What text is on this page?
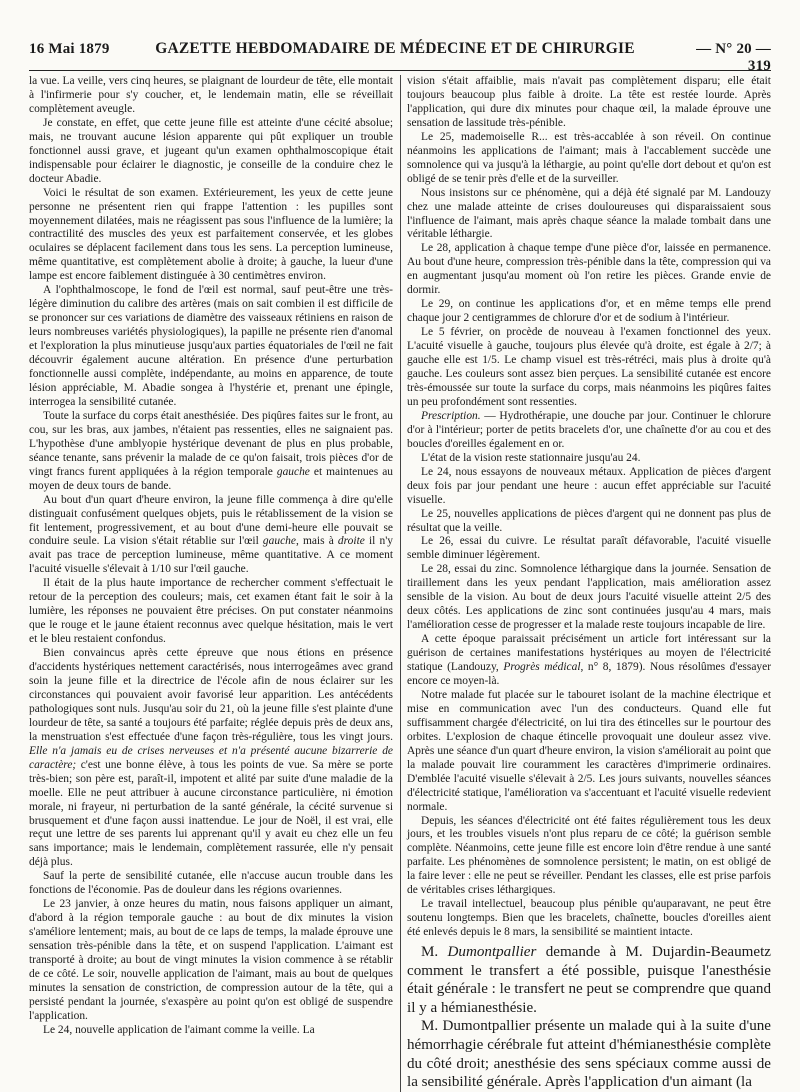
16 Mai 1879	GAZETTE HEBDOMADAIRE DE MÉDECINE ET DE CHIRURGIE	— N° 20 —319

la vue. La veille, vers cinq heures, se plaignant de lourdeur de tête, elle montait à l'infirmerie pour s'y coucher, et, le lendemain matin, elle se réveillait complètement aveugle.

Je constate, en effet, que cette jeune fille est atteinte d'une cécité absolue; mais, ne trouvant aucune lésion apparente qui pût expliquer un trouble fonctionnel aussi grave, et jugeant qu'un examen ophthalmoscopique était indispensable pour éclairer le diagnostic, je conseille de la conduire chez le docteur Abadie.

Voici le résultat de son examen. Extérieurement, les yeux de cette jeune personne ne présentent rien qui frappe l'attention : les pupilles sont moyennement dilatées, mais ne réagissent pas sous l'influence de la lumière; la contractilité des muscles des yeux est parfaitement conservée, et les globes oculaires se déplacent facilement dans tous les sens. La perception lumineuse, même quantitative, est complètement abolie à droite; à gauche, la lueur d'une lampe est encore faiblement distinguée à 30 centimètres environ.

A l'ophthalmoscope, le fond de l'œil est normal, sauf peut-être une très-légère diminution du calibre des artères (mais on sait combien il est difficile de se prononcer sur ces variations de diamètre des vaisseaux rétiniens en raison de leurs nombreuses variétés physiologiques), la papille ne présente rien d'anomal et l'exploration la plus minutieuse jusqu'aux parties équatoriales de l'œil ne fait découvrir également aucune altération. En présence d'une perturbation fonctionnelle aussi complète, indépendante, au moins en apparence, de toute lésion appréciable, M. Abadie songea à l'hystérie et, prenant une épingle, interrogea la sensibilité cutanée.

Toute la surface du corps était anesthésiée. Des piqûres faites sur le front, au cou, sur les bras, aux jambes, n'étaient pas ressenties, elles ne saignaient pas. L'hypothèse d'une amblyopie hystérique devenant de plus en plus probable, séance tenante, sans prévenir la malade de ce qu'on faisait, trois pièces d'or de vingt francs furent appliquées à la région temporale gauche et maintenues au moyen de deux tours de bande.

Au bout d'un quart d'heure environ, la jeune fille commença à dire qu'elle distinguait confusément quelques objets, puis le rétablissement de la vision se fit lentement, progressivement, et au bout d'une demi-heure elle pouvait se conduire seule. La vision s'était rétablie sur l'œil gauche, mais à droite il n'y avait pas trace de perception lumineuse, même quantitative. A ce moment l'acuité visuelle s'élevait à 1/10 sur l'œil gauche.

Il était de la plus haute importance de rechercher comment s'effectuait le retour de la perception des couleurs; mais, cet examen étant fait le soir à la lumière, les réponses ne pouvaient être précises. On put constater néanmoins que le rouge et le jaune étaient reconnus avec quelque hésitation, mais le vert et le bleu restaient confondus.

Bien convaincus après cette épreuve que nous étions en présence d'accidents hystériques nettement caractérisés, nous interrogeâmes avec grand soin la jeune fille et la directrice de l'école afin de nous éclairer sur les circonstances qui pouvaient avoir favorisé leur apparition. Les antécédents pathologiques sont nuls. Jusqu'au soir du 21, où la jeune fille s'est plainte d'une lourdeur de tête, sa santé a toujours été parfaite; réglée depuis près de deux ans, la menstruation s'est effectuée d'une façon très-régulière, tous les vingt jours. Elle n'a jamais eu de crises nerveuses et n'a présenté aucune bizarrerie de caractère; c'est une bonne élève, à tous les points de vue. Sa mère se porte très-bien; son père est, paraît-il, impotent et alité par suite d'une maladie de la moelle. Elle ne peut attribuer à aucune circonstance particulière, ni émotion morale, ni frayeur, ni perturbation de la santé générale, la cécité survenue si brusquement et d'une façon aussi inattendue. Le jour de Noël, il est vrai, elle reçut une lettre de ses parents lui apprenant qu'il y avait eu chez elle un feu sans importance; mais le lendemain, complètement rassurée, elle n'y pensait déjà plus.

Sauf la perte de sensibilité cutanée, elle n'accuse aucun trouble dans les fonctions de l'économie. Pas de douleur dans les régions ovariennes.

Le 23 janvier, à onze heures du matin, nous faisons appliquer un aimant, d'abord à la région temporale gauche : au bout de dix minutes la vision s'améliore lentement; mais, au bout de ce laps de temps, la malade éprouve une sensation très-pénible dans la tête, et on suspend l'application. L'aimant est transporté à droite; au bout de vingt minutes la vision commence à se rétablir de ce côté. Le soir, nouvelle application de l'aimant, mais au bout de quelques minutes la sensation de constriction, de compression autour de la tête, qui a persisté pendant la journée, s'exaspère au point qu'on est obligé de suspendre l'application.

Le 24, nouvelle application de l'aimant comme la veille. La

vision s'était affaiblie, mais n'avait pas complètement disparu; elle était toujours beaucoup plus faible à droite. La tête est restée lourde. Après l'application, qui dure dix minutes pour chaque œil, la malade éprouve une sensation de lassitude très-pénible.

Le 25, mademoiselle R... est très-accablée à son réveil. On continue néanmoins les applications de l'aimant; mais à l'accablement succède une somnolence qui va jusqu'à la léthargie, au point qu'elle dort debout et qu'on est obligé de se tenir près d'elle et de la surveiller.

Nous insistons sur ce phénomène, qui a déjà été signalé par M. Landouzy chez une malade atteinte de crises douloureuses qui disparaissaient sous l'influence de l'aimant, mais après chaque séance la malade tombait dans une véritable léthargie.

Le 28, application à chaque tempe d'une pièce d'or, laissée en permanence. Au bout d'une heure, compression très-pénible dans la tête, compression qui va en augmentant jusqu'au moment où l'on retire les pièces. Grande envie de dormir.

Le 29, on continue les applications d'or, et en même temps elle prend chaque jour 2 centigrammes de chlorure d'or et de sodium à l'intérieur.

Le 5 février, on procède de nouveau à l'examen fonctionnel des yeux. L'acuité visuelle à gauche, toujours plus élevée qu'à droite, est égale à 2/7; à gauche elle est 1/5. Le champ visuel est très-rétréci, mais plus à droite qu'à gauche. Les couleurs sont assez bien perçues. La sensibilité cutanée est encore très-émoussée sur toute la surface du corps, mais néanmoins les piqûres faites un peu profondément sont ressenties.

Prescription. — Hydrothérapie, une douche par jour. Continuer le chlorure d'or à l'intérieur; porter de petits bracelets d'or, une chaînette d'or au cou et des boucles d'oreilles également en or.

L'état de la vision reste stationnaire jusqu'au 24.

Le 24, nous essayons de nouveaux métaux. Application de pièces d'argent deux fois par jour pendant une heure : aucun effet appréciable sur l'acuité visuelle.

Le 25, nouvelles applications de pièces d'argent qui ne donnent pas plus de résultat que la veille.

Le 26, essai du cuivre. Le résultat paraît défavorable, l'acuité visuelle semble diminuer légèrement.

Le 28, essai du zinc. Somnolence léthargique dans la journée. Sensation de tiraillement dans les yeux pendant l'application, mais amélioration assez sensible de la vision. Au bout de deux jours l'acuité visuelle atteint 2/5 des deux côtés. Les applications de zinc sont continuées jusqu'au 4 mars, mais l'amélioration cesse de progresser et la malade reste toujours incapable de lire.

A cette époque paraissait précisément un article fort intéressant sur la guérison de certaines manifestations hystériques au moyen de l'électricité statique (Landouzy, Progrès médical, n° 8, 1879). Nous résolûmes d'essayer encore ce moyen-là.

Notre malade fut placée sur le tabouret isolant de la machine électrique et mise en communication avec l'un des conducteurs. Quand elle fut suffisamment chargée d'électricité, on lui tira des étincelles sur le pourtour des orbites. L'explosion de chaque étincelle provoquait une douleur assez vive. Après une séance d'un quart d'heure environ, la vision s'améliorait au point que la malade pouvait lire couramment les caractères d'imprimerie ordinaires. D'emblée l'acuité visuelle s'élevait à 2/5. Les jours suivants, nouvelles séances d'électricité statique, l'amélioration va s'accentuant et l'acuité visuelle redevient normale.

Depuis, les séances d'électricité ont été faites régulièrement tous les deux jours, et les troubles visuels n'ont plus reparu de ce côté; la guérison semble complète. Néanmoins, cette jeune fille est encore loin d'être rendue à une santé parfaite. Les phénomènes de somnolence persistent; le matin, on est obligé de la faire lever : elle ne peut se réveiller. Pendant les classes, elle est prise parfois de véritables crises léthargiques.

Le travail intellectuel, beaucoup plus pénible qu'auparavant, ne peut être soutenu longtemps. Bien que les bracelets, chaînette, boucles d'oreilles aient été enlevés depuis le 8 mars, la sensibilité se maintient intacte.

M. Dumontpallier demande à M. Dujardin-Beaumetz comment le transfert a été possible, puisque l'anesthésie était générale : le transfert ne peut se comprendre que quand il y a hémianesthésie.

M. Dumontpallier présente un malade qui à la suite d'une hémorrhagie cérébrale fut atteint d'hémianesthésie complète du côté droit; anesthésie des sens spéciaux comme aussi de la sensibilité générale. Après l'application d'un aimant (la
